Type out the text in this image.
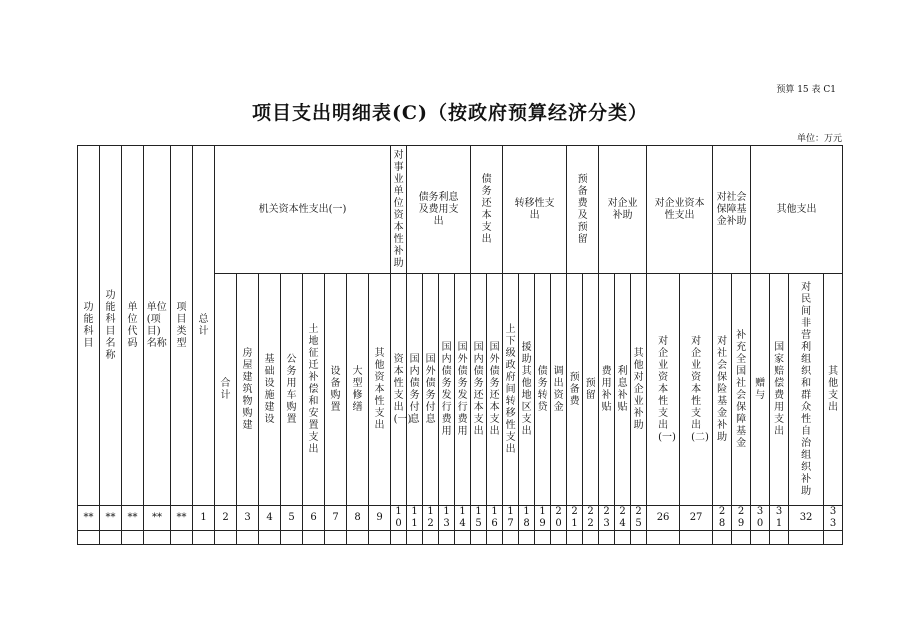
预算 15 表 C1
项目支出明细表(C)（按政府预算经济分类）
单位：万元
功能科目	功能科目名称	单位代码	单位(项目)名称	项目类型	总计	机关资本性支出(一)								对事业单位资本性补助	债务利息及费用支出				债务还本支出		转移性支出				预备费及预留		对企业补助			对企业资本性支出		对社会保障基金补助		其他支出			
						合计	房屋建筑物购建	基础设施建设	公务用车购置	土地征迁补偿和安置支出	设备购置	大型修缮	其他资本性支出	资本性支出(一)	国内债务付息	国外债务付息	国内债务发行费用	国外债务发行费用	国内债务还本支出	国外债务还本支出	上下级政府间转移性支出	援助其他地区支出	债务转贷	调出资金	预备费	预留	费用补贴	利息补贴	其他对企业补助	对企业资本性支出(一)	对企业资本性支出(二)	对社会保险基金补助	补充全国社会保障基金	赠与	国家赔偿费用支出	对民间非营利组织和群众性自治组织补助	其他支出
**	**	**	**	**	1	2	3	4	5	6	7	8	9	10	11	12	13	14	15	16	17	18	19	20	21	22	23	24	25	26	27	28	29	30	31	32	33
